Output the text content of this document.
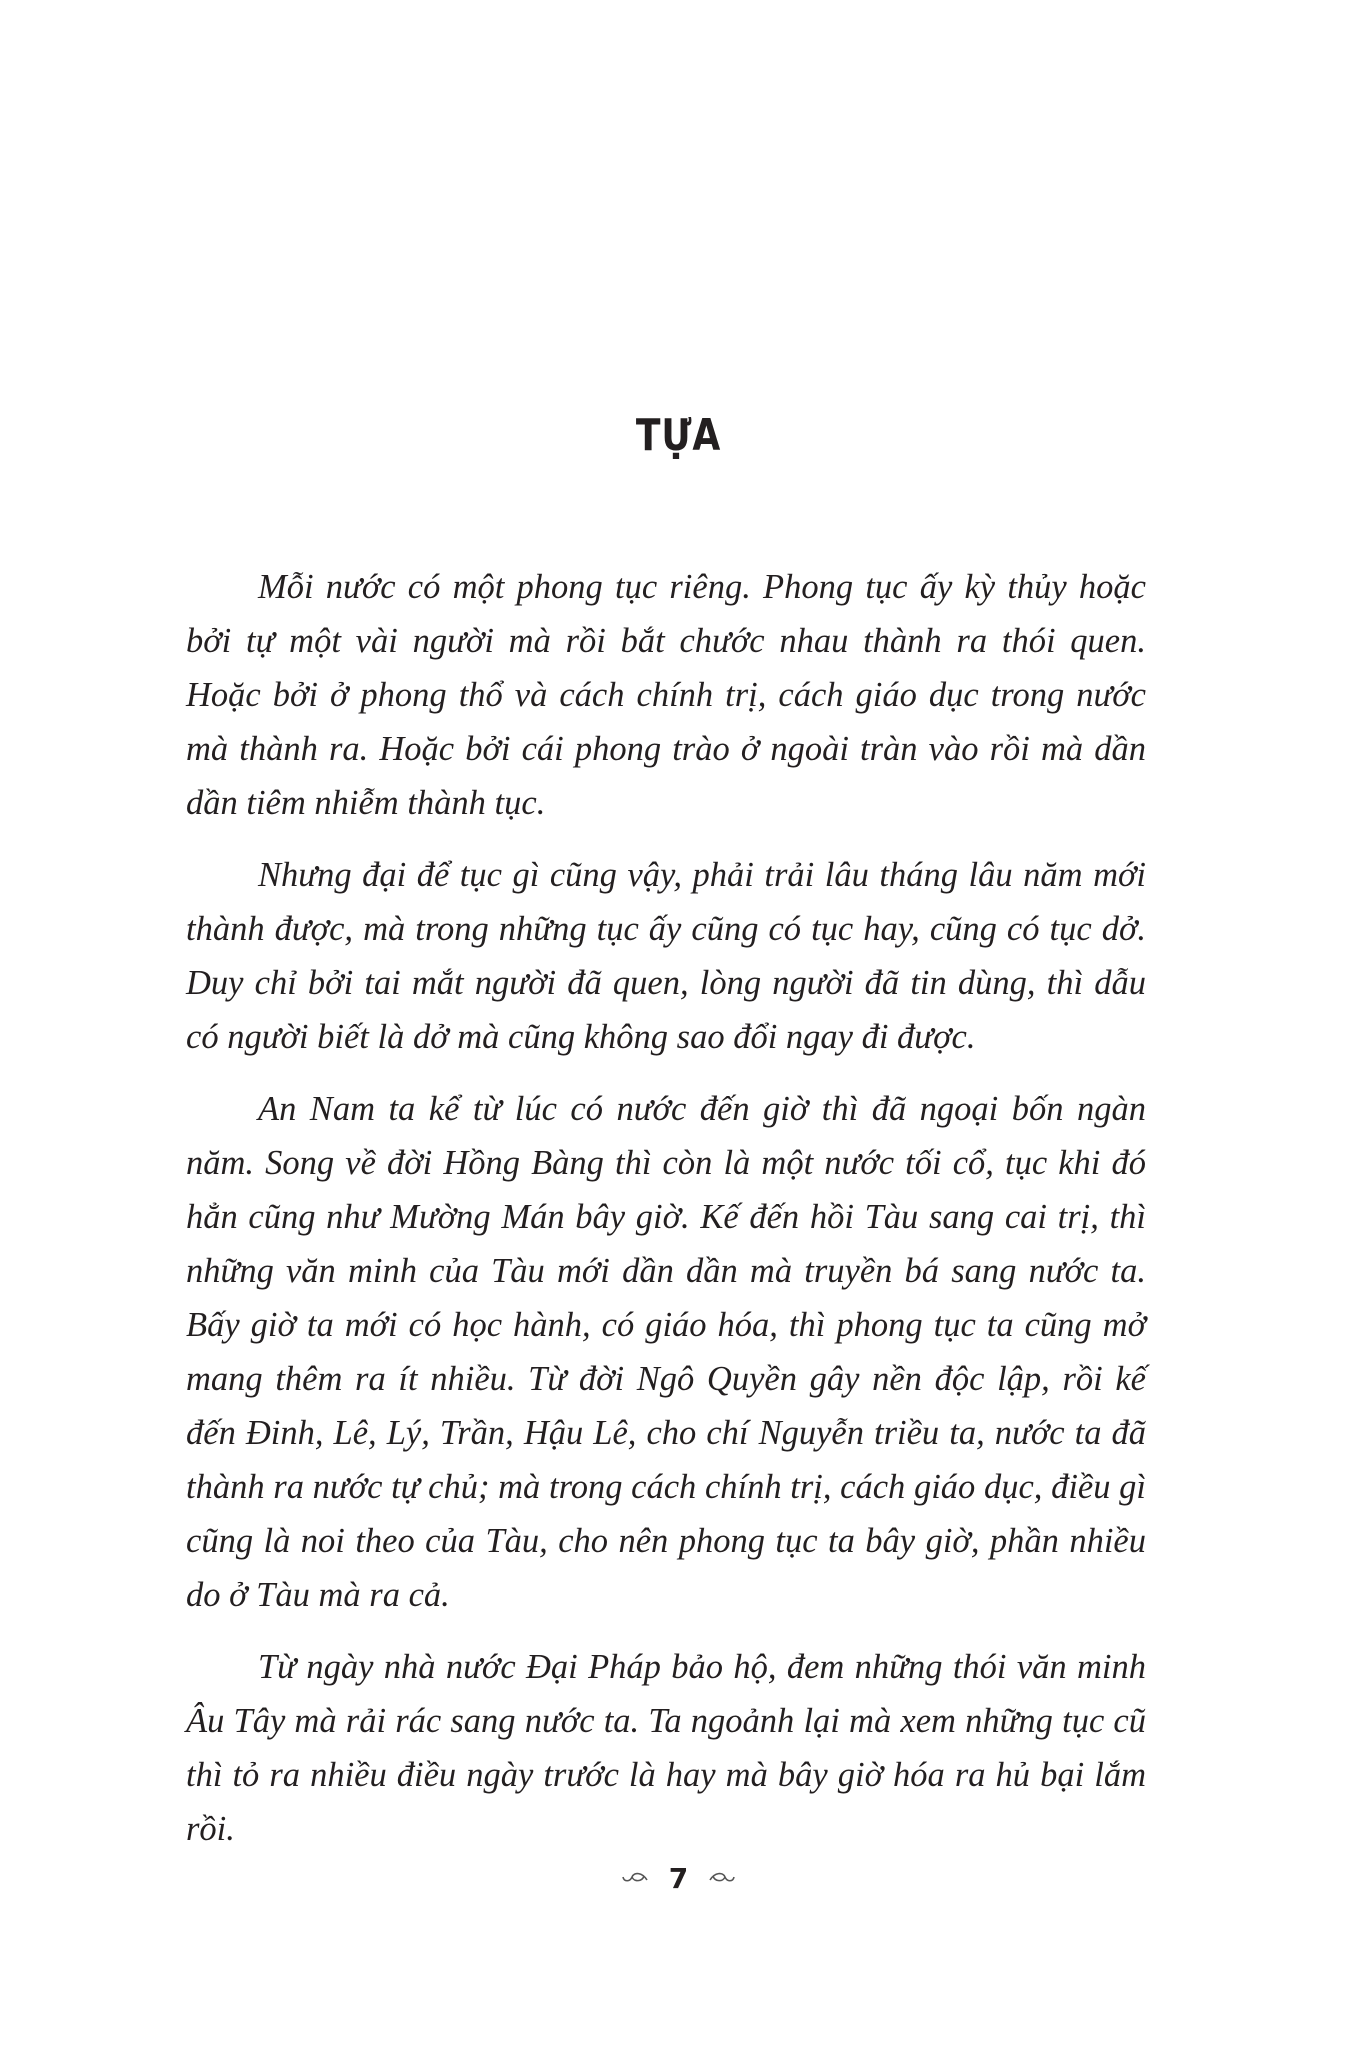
TỰA

Mỗi nước có một phong tục riêng. Phong tục ấy kỳ thủy hoặc bởi tự một vài người mà rồi bắt chước nhau thành ra thói quen. Hoặc bởi ở phong thổ và cách chính trị, cách giáo dục trong nước mà thành ra. Hoặc bởi cái phong trào ở ngoài tràn vào rồi mà dần dần tiêm nhiễm thành tục.

Nhưng đại để tục gì cũng vậy, phải trải lâu tháng lâu năm mới thành được, mà trong những tục ấy cũng có tục hay, cũng có tục dở. Duy chỉ bởi tai mắt người đã quen, lòng người đã tin dùng, thì dẫu có người biết là dở mà cũng không sao đổi ngay đi được.

An Nam ta kể từ lúc có nước đến giờ thì đã ngoại bốn ngàn năm. Song về đời Hồng Bàng thì còn là một nước tối cổ, tục khi đó hẳn cũng như Mường Mán bây giờ. Kế đến hồi Tàu sang cai trị, thì những văn minh của Tàu mới dần dần mà truyền bá sang nước ta. Bấy giờ ta mới có học hành, có giáo hóa, thì phong tục ta cũng mở mang thêm ra ít nhiều. Từ đời Ngô Quyền gây nền độc lập, rồi kế đến Đinh, Lê, Lý, Trần, Hậu Lê, cho chí Nguyễn triều ta, nước ta đã thành ra nước tự chủ; mà trong cách chính trị, cách giáo dục, điều gì cũng là noi theo của Tàu, cho nên phong tục ta bây giờ, phần nhiều do ở Tàu mà ra cả.

Từ ngày nhà nước Đại Pháp bảo hộ, đem những thói văn minh Âu Tây mà rải rác sang nước ta. Ta ngoảnh lại mà xem những tục cũ thì tỏ ra nhiều điều ngày trước là hay mà bây giờ hóa ra hủ bại lắm rồi.

7
